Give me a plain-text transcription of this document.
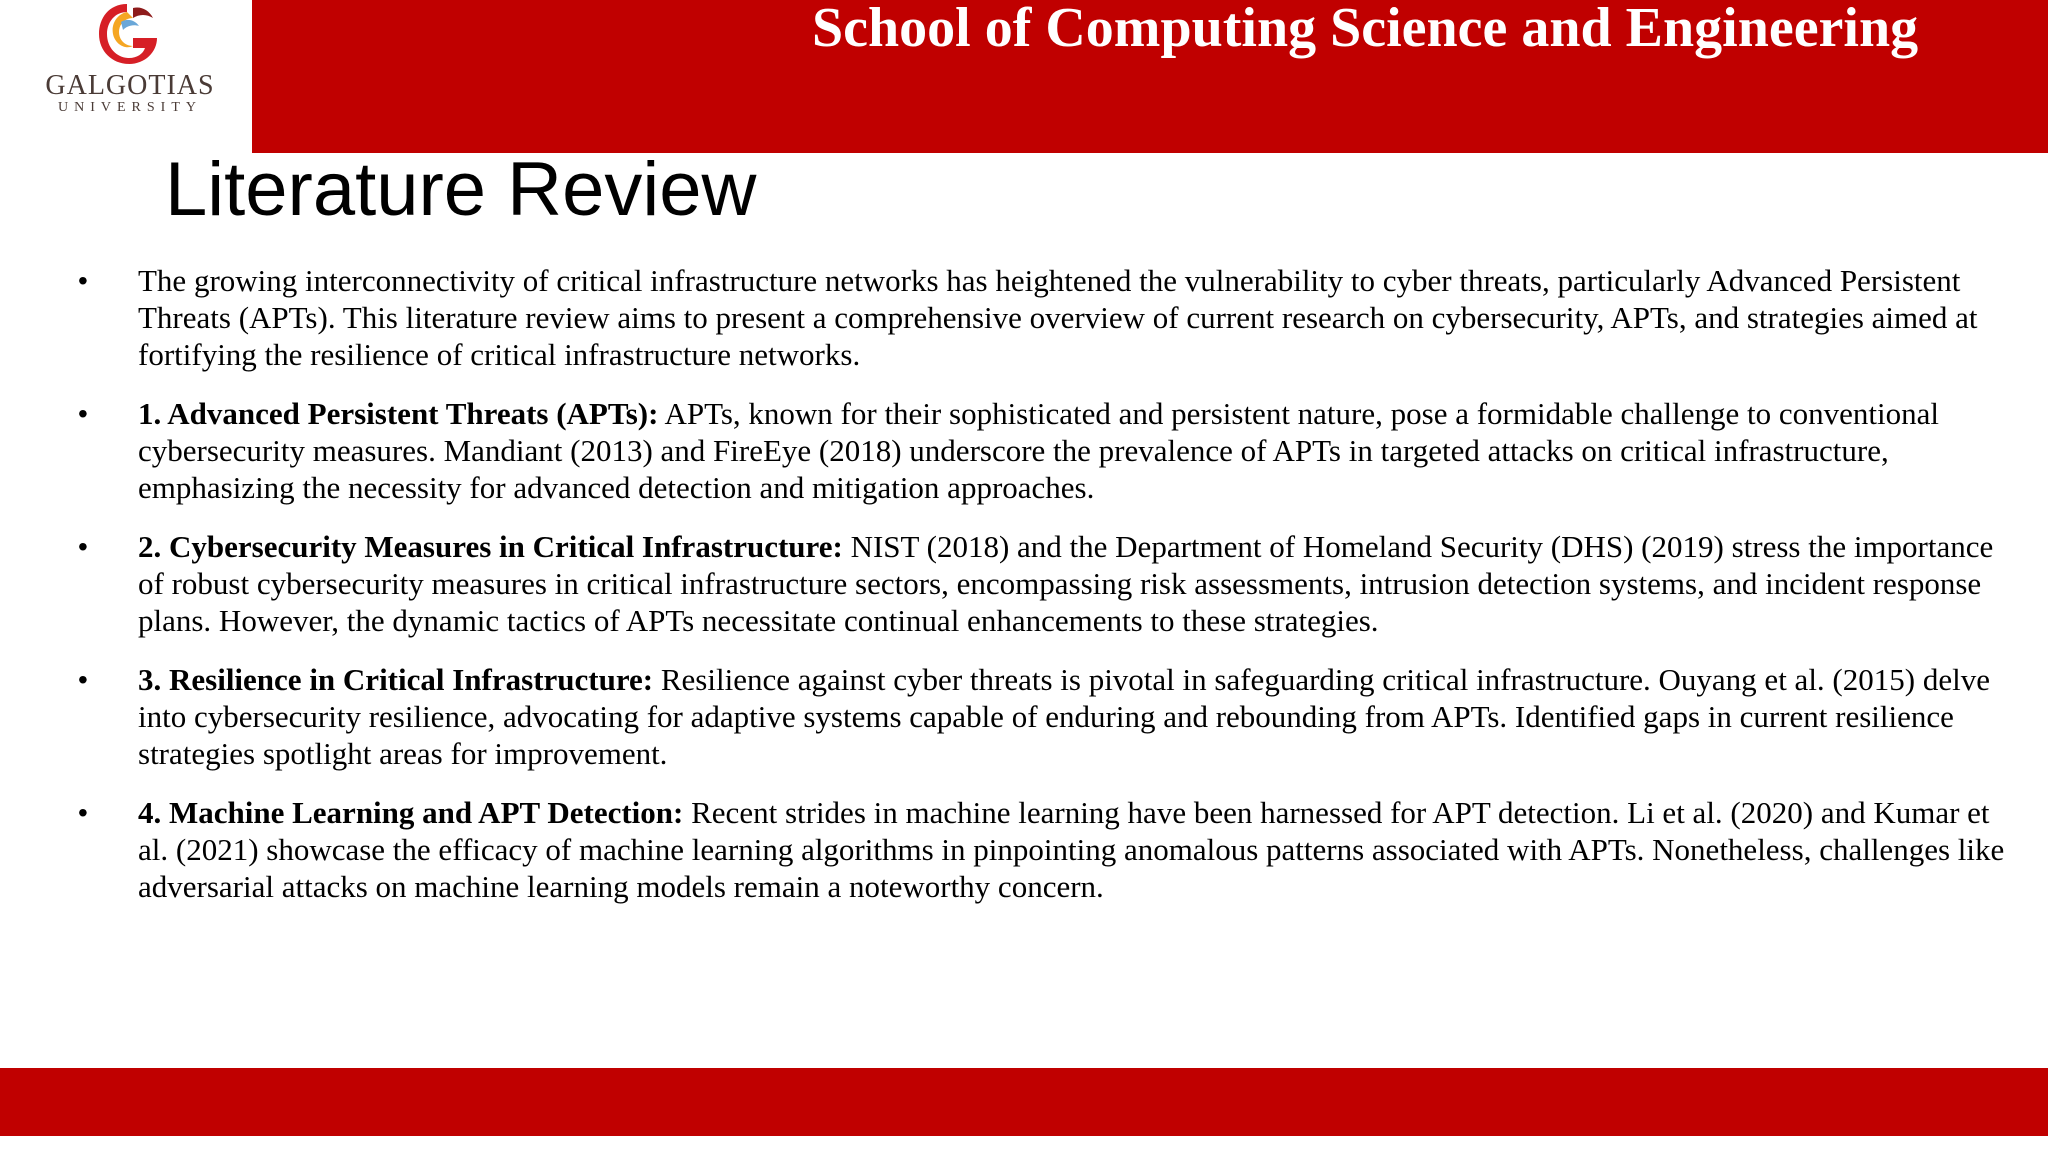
School of Computing Science and Engineering
GALGOTIAS
UNIVERSITY
Literature Review
• The growing interconnectivity of critical infrastructure networks has heightened the vulnerability to cyber threats, particularly Advanced Persistent Threats (APTs). This literature review aims to present a comprehensive overview of current research on cybersecurity, APTs, and strategies aimed at fortifying the resilience of critical infrastructure networks.
• 1. Advanced Persistent Threats (APTs): APTs, known for their sophisticated and persistent nature, pose a formidable challenge to conventional cybersecurity measures. Mandiant (2013) and FireEye (2018) underscore the prevalence of APTs in targeted attacks on critical infrastructure, emphasizing the necessity for advanced detection and mitigation approaches.
• 2. Cybersecurity Measures in Critical Infrastructure: NIST (2018) and the Department of Homeland Security (DHS) (2019) stress the importance of robust cybersecurity measures in critical infrastructure sectors, encompassing risk assessments, intrusion detection systems, and incident response plans. However, the dynamic tactics of APTs necessitate continual enhancements to these strategies.
• 3. Resilience in Critical Infrastructure: Resilience against cyber threats is pivotal in safeguarding critical infrastructure. Ouyang et al. (2015) delve into cybersecurity resilience, advocating for adaptive systems capable of enduring and rebounding from APTs. Identified gaps in current resilience strategies spotlight areas for improvement.
• 4. Machine Learning and APT Detection: Recent strides in machine learning have been harnessed for APT detection. Li et al. (2020) and Kumar et al. (2021) showcase the efficacy of machine learning algorithms in pinpointing anomalous patterns associated with APTs. Nonetheless, challenges like adversarial attacks on machine learning models remain a noteworthy concern.
